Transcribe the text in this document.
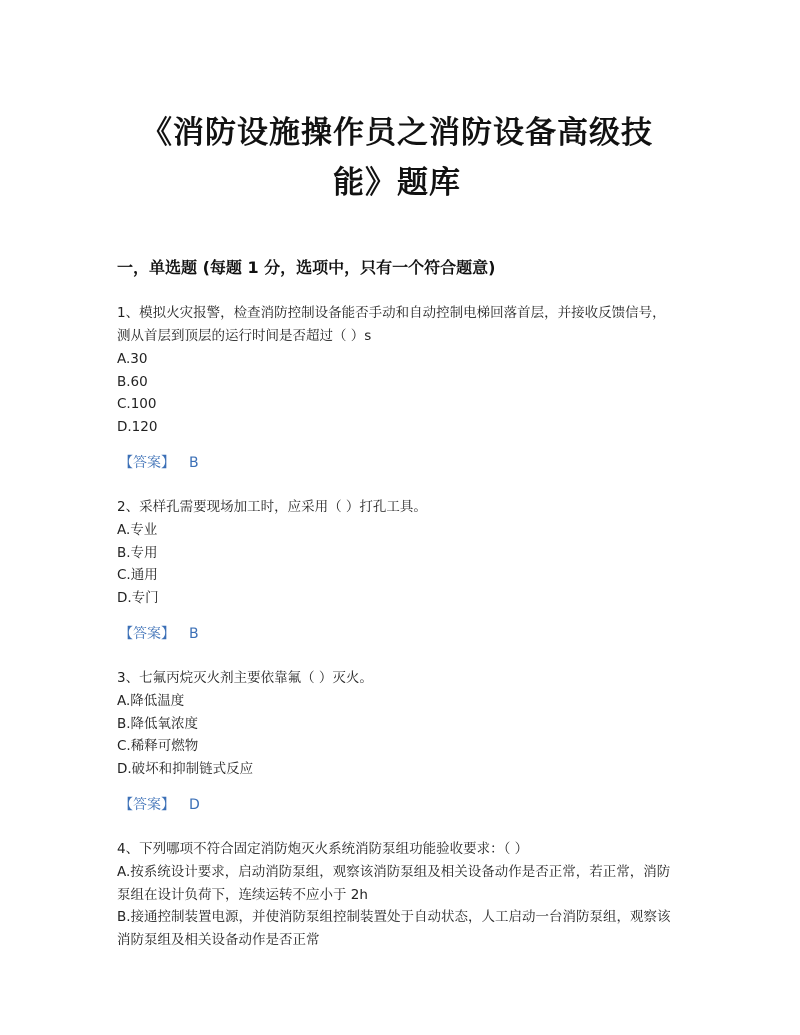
《消防设施操作员之消防设备高级技
能》题库
一，单选题 (每题 1 分，选项中，只有一个符合题意)
1、模拟火灾报警，检查消防控制设备能否手动和自动控制电梯回落首层，并接收反馈信号，测从首层到顶层的运行时间是否超过（ ）s
A.30
B.60
C.100
D.120
【答案】 B
2、采样孔需要现场加工时，应采用（ ）打孔工具。
A.专业
B.专用
C.通用
D.专门
【答案】 B
3、七氟丙烷灭火剂主要依靠氟（ ）灭火。
A.降低温度
B.降低氧浓度
C.稀释可燃物
D.破坏和抑制链式反应
【答案】 D
4、下列哪项不符合固定消防炮灭火系统消防泵组功能验收要求：（ ）
A.按系统设计要求，启动消防泵组，观察该消防泵组及相关设备动作是否正常，若正常，消防泵组在设计负荷下，连续运转不应小于 2h
B.接通控制装置电源，并使消防泵组控制装置处于自动状态，人工启动一台消防泵组，观察该消防泵组及相关设备动作是否正常
